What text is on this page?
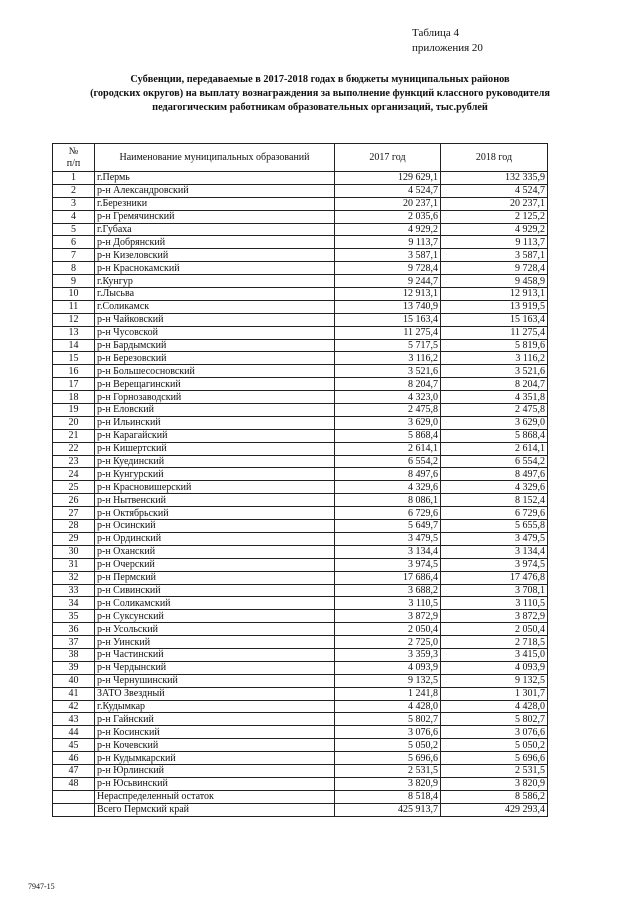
Таблица 4
приложения 20
Субвенции, передаваемые в 2017-2018 годах в бюджеты муниципальных районов
(городских округов) на выплату вознаграждения за выполнение функций классного руководителя
педагогическим работникам образовательных организаций, тыс.рублей
№
п/п	Наименование муниципальных образований	2017 год	2018 год
1	г.Пермь	129 629,1	132 335,9
2	р-н Александровский	4 524,7	4 524,7
3	г.Березники	20 237,1	20 237,1
4	р-н Гремячинский	2 035,6	2 125,2
5	г.Губаха	4 929,2	4 929,2
6	р-н Добрянский	9 113,7	9 113,7
7	р-н Кизеловский	3 587,1	3 587,1
8	р-н Краснокамский	9 728,4	9 728,4
9	г.Кунгур	9 244,7	9 458,9
10	г.Лысьва	12 913,1	12 913,1
11	г.Соликамск	13 740,9	13 919,5
12	р-н Чайковский	15 163,4	15 163,4
13	р-н Чусовской	11 275,4	11 275,4
14	р-н Бардымский	5 717,5	5 819,6
15	р-н Березовский	3 116,2	3 116,2
16	р-н Большесосновский	3 521,6	3 521,6
17	р-н Верещагинский	8 204,7	8 204,7
18	р-н Горнозаводский	4 323,0	4 351,8
19	р-н Еловский	2 475,8	2 475,8
20	р-н Ильинский	3 629,0	3 629,0
21	р-н Карагайский	5 868,4	5 868,4
22	р-н Кишертский	2 614,1	2 614,1
23	р-н Куединский	6 554,2	6 554,2
24	р-н Кунгурский	8 497,6	8 497,6
25	р-н Красновишерский	4 329,6	4 329,6
26	р-н Нытвенский	8 086,1	8 152,4
27	р-н Октябрьский	6 729,6	6 729,6
28	р-н Осинский	5 649,7	5 655,8
29	р-н Ординский	3 479,5	3 479,5
30	р-н Оханский	3 134,4	3 134,4
31	р-н Очерский	3 974,5	3 974,5
32	р-н Пермский	17 686,4	17 476,8
33	р-н Сивинский	3 688,2	3 708,1
34	р-н Соликамский	3 110,5	3 110,5
35	р-н Суксунский	3 872,9	3 872,9
36	р-н Усольский	2 050,4	2 050,4
37	р-н Уинский	2 725,0	2 718,5
38	р-н Частинский	3 359,3	3 415,0
39	р-н Чердынский	4 093,9	4 093,9
40	р-н Чернушинский	9 132,5	9 132,5
41	ЗАТО Звездный	1 241,8	1 301,7
42	г.Кудымкар	4 428,0	4 428,0
43	р-н Гайнский	5 802,7	5 802,7
44	р-н Косинский	3 076,6	3 076,6
45	р-н Кочевский	5 050,2	5 050,2
46	р-н Кудымкарский	5 696,6	5 696,6
47	р-н Юрлинский	2 531,5	2 531,5
48	р-н Юсьвинский	3 820,9	3 820,9
	Нераспределенный остаток	8 518,4	8 586,2
	Всего Пермский край	425 913,7	429 293,4
7947-15
